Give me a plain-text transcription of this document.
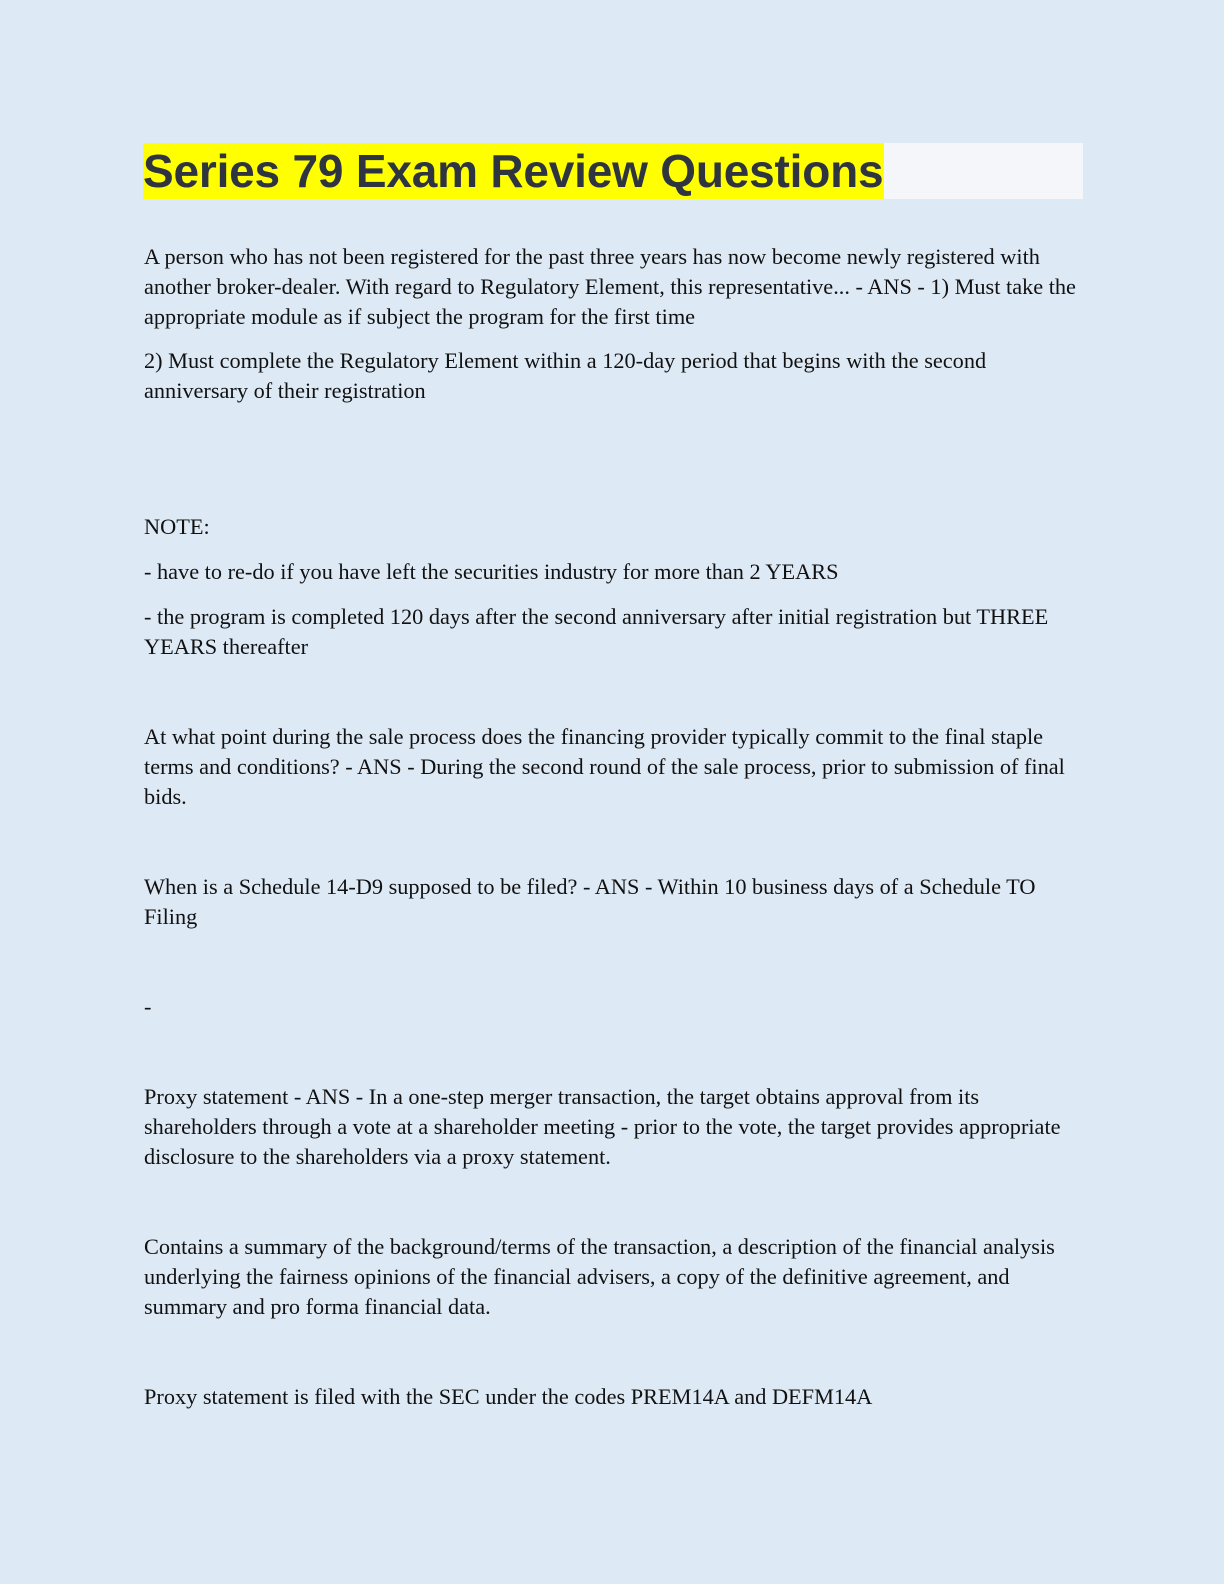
Series 79 Exam Review Questions

A person who has not been registered for the past three years has now become newly registered with another broker-dealer. With regard to Regulatory Element, this representative... - ANS - 1) Must take the appropriate module as if subject the program for the first time

2) Must complete the Regulatory Element within a 120-day period that begins with the second anniversary of their registration

NOTE:

- have to re-do if you have left the securities industry for more than 2 YEARS

- the program is completed 120 days after the second anniversary after initial registration but THREE YEARS thereafter

At what point during the sale process does the financing provider typically commit to the final staple terms and conditions? - ANS - During the second round of the sale process, prior to submission of final bids.

When is a Schedule 14-D9 supposed to be filed? - ANS - Within 10 business days of a Schedule TO Filing

-

Proxy statement - ANS - In a one-step merger transaction, the target obtains approval from its shareholders through a vote at a shareholder meeting - prior to the vote, the target provides appropriate disclosure to the shareholders via a proxy statement.

Contains a summary of the background/terms of the transaction, a description of the financial analysis underlying the fairness opinions of the financial advisers, a copy of the definitive agreement, and summary and pro forma financial data.

Proxy statement is filed with the SEC under the codes PREM14A and DEFM14A
